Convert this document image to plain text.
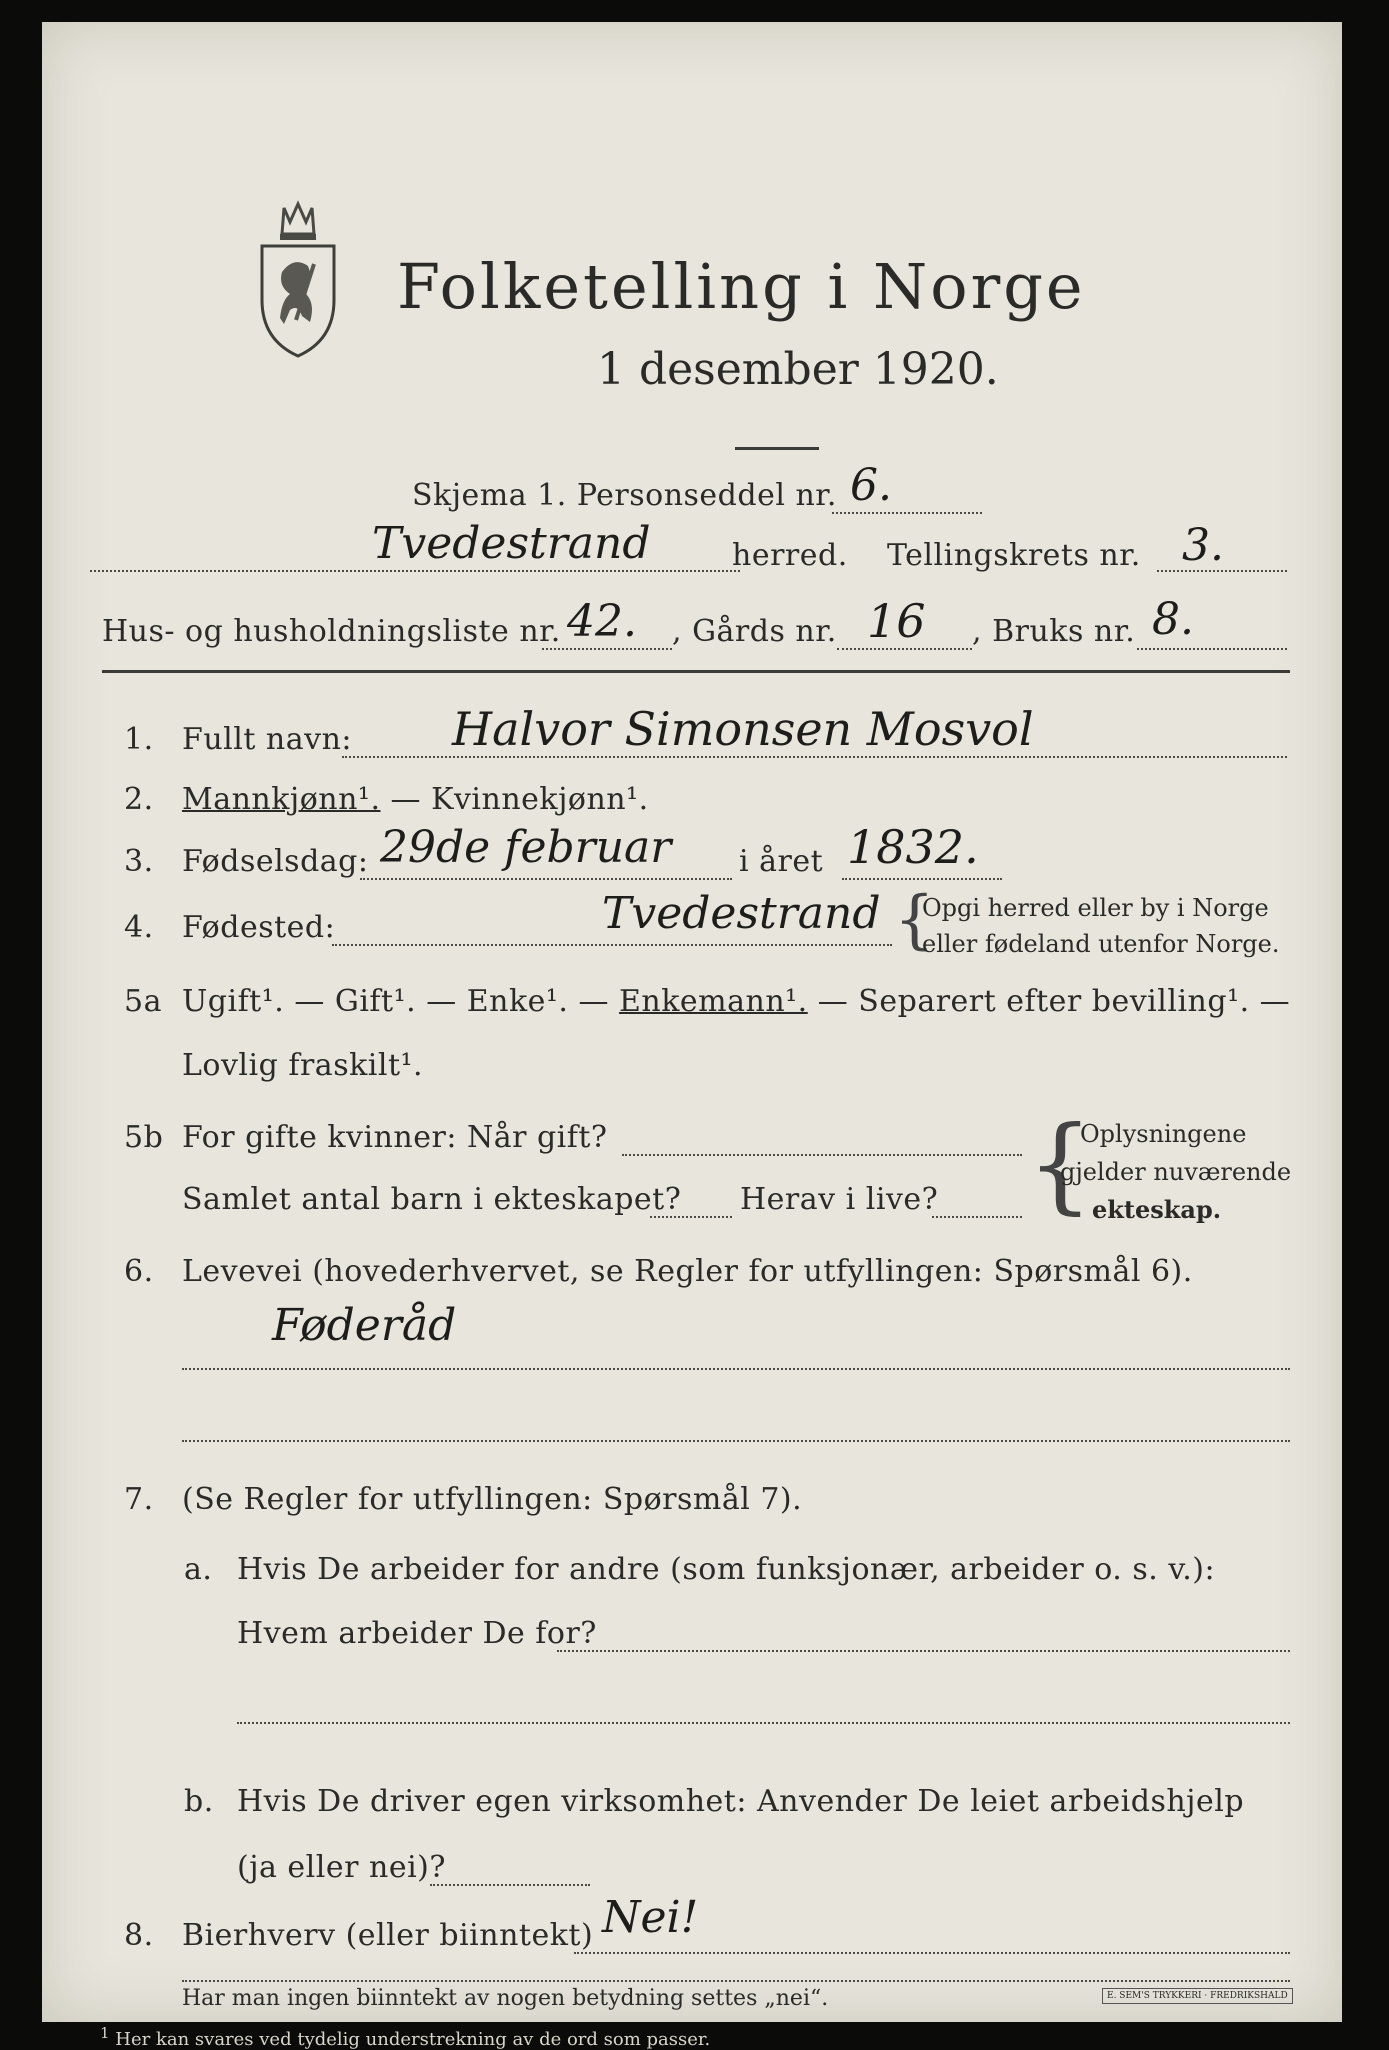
Folketelling i Norge
1 desember 1920.
Skjema 1. Personseddel nr. 6.
Tvedestrand	herred. Tellingskrets nr. 3.
Hus- og husholdningsliste nr. 42. , Gårds nr. 16 , Bruks nr. 8.
1. Fullt navn: Halvor Simonsen Mosvol
2. Mannkjønn¹. — Kvinnekjønn¹.
3. Fødselsdag: 29de februar i året 1832.
4. Fødested:	Tvedestrand {
Opgi herred eller by i Norge
eller fødeland utenfor Norge.
5a Ugift¹. — Gift¹. — Enke¹. — Enkemann¹. — Separert efter bevilling¹. —
Lovlig fraskilt¹.
5b For gifte kvinner: Når gift?
Samlet antal barn i ekteskapet? Herav i live? {
Oplysningene
gjelder nuværende
ekteskap.
6. Levevei (hovederhvervet, se Regler for utfyllingen: Spørsmål 6).
Føderåd
7. (Se Regler for utfyllingen: Spørsmål 7).
a. Hvis De arbeider for andre (som funksjonær, arbeider o. s. v.):
Hvem arbeider De for?
b. Hvis De driver egen virksomhet: Anvender De leiet arbeidshjelp
(ja eller nei)?
8. Bierhverv (eller biinntekt) Nei!
Har man ingen biinntekt av nogen betydning settes „nei“.	E. SEM'S TRYKKERI · FREDRIKSHALD
$^1$ Her kan svares ved tydelig understrekning av de ord som passer.
